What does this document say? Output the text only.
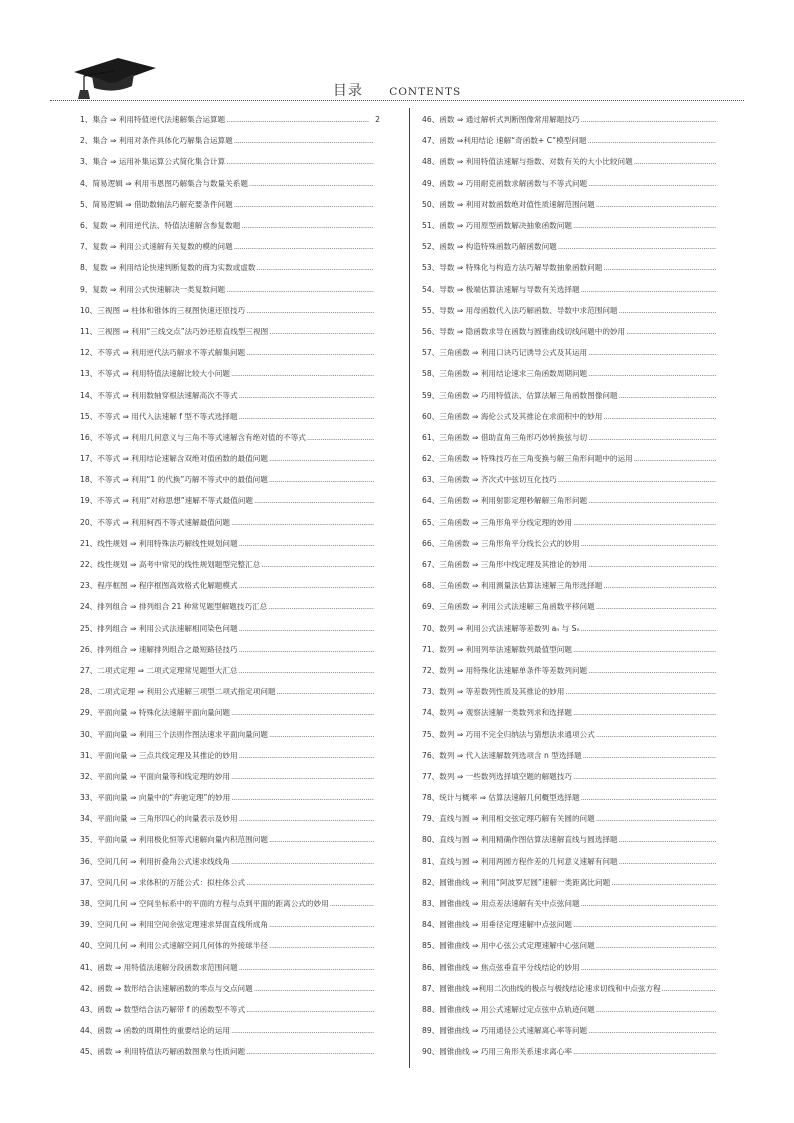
目录	CONTENTS
1、 集合 ⇒ 利用特值逆代法速解集合运算题
.....	2
2、 集合 ⇒ 利用对条件具体化巧解集合运算题
.....
3、 集合 ⇒ 运用补集运算公式简化集合计算
.....
4、 简易逻辑 ⇒ 利用韦恩图巧解集合与数量关系题
.....
5、 简易逻辑 ⇒ 借助数轴法巧解充要条件问题
.....
6、 复数 ⇒ 利用逆代法、特值法速解含参复数题
.....
7、 复数 ⇒ 利用公式速解有关复数的模的问题
.....
8、 复数 ⇒ 利用结论快速判断复数的商为实数或虚数
.....
9、 复数 ⇒ 利用公式快速解决一类复数问题
.....
10、 三视图 ⇒ 柱体和锥体的三视图快速还原技巧
.....
11、 三视图 ⇒ 利用“三线交点”法巧妙还原直线型三视图
.....
12、 不等式 ⇒ 利用逆代法巧解求不等式解集问题
.....
13、 不等式 ⇒ 利用特值法速解比较大小问题
.....
14、 不等式 ⇒ 利用数轴穿根法速解高次不等式
.....
15、 不等式 ⇒ 用代入法速解 f 型不等式选择题
.....
16、 不等式 ⇒ 利用几何意义与三角不等式速解含有绝对值的不等式
.....
17、 不等式 ⇒ 利用结论速解含双绝对值函数的最值问题
.....
18、 不等式 ⇒ 利用“1 的代换”巧解不等式中的最值问题
.....
19、 不等式 ⇒ 利用“对称思想”速解不等式最值问题
.....
20、 不等式 ⇒ 利用柯西不等式速解最值问题
.....
21、 线性规划 ⇒ 利用特殊法巧解线性规划问题
.....
22、 线性规划 ⇒ 高考中常见的线性规划题型完整汇总
.....
23、 程序框图 ⇒ 程序框图高效格式化解题模式
.....
24、 排列组合 ⇒ 排列组合 21 种常见题型解题技巧汇总
.....
25、 排列组合 ⇒ 利用公式法速解相同染色问题
.....
26、 排列组合 ⇒ 速解排列组合之最短路径技巧
.....
27、 二项式定理 ⇒ 二项式定理常见题型大汇总
.....
28、 二项式定理 ⇒ 利用公式速解三项型二项式指定项问题
.....
29、 平面向量 ⇒ 特殊化法速解平面向量问题
.....
30、 平面向量 ⇒ 利用三个法则作图法速求平面向量问题
.....
31、 平面向量 ⇒ 三点共线定理及其推论的妙用
.....
32、 平面向量 ⇒ 平面向量等和线定理的妙用
.....
33、 平面向量 ⇒ 向量中的“奔驰定理”的妙用
.....
34、 平面向量 ⇒ 三角形四心的向量表示及妙用
.....
35、 平面向量 ⇒ 利用极化恒等式速解向量内积范围问题
.....
36、 空间几何 ⇒ 利用折叠角公式速求线线角
.....
37、 空间几何 ⇒ 求体积的万能公式：拟柱体公式
.....
38、 空间几何 ⇒ 空间坐标系中的平面的方程与点到平面的距离公式的妙用
.....
39、 空间几何 ⇒ 利用空间余弦定理速求异面直线所成角
.....
40、 空间几何 ⇒ 利用公式速解空间几何体的外接球半径
.....
41、 函数 ⇒ 用特值法速解分段函数求范围问题
.....
42、 函数 ⇒ 数形结合法速解函数的零点与交点问题
.....
43、 函数 ⇒ 数型结合法巧解带 f 的函数型不等式
.....
44、 函数 ⇒ 函数的周期性的重要结论的运用
.....
45、 函数 ⇒ 利用特值法巧解函数图象与性质问题
.....
46、 函数 ⇒ 通过解析式判断图像常用解题技巧
.....
47、 函数 ⇒利用结论 速解“奇函数+ C”模型问题
.....
48、 函数 ⇒ 利用特值法速解与指数、对数有关的大小比较问题
.....
49、 函数 ⇒ 巧用耐克函数求解函数与不等式问题
.....
50、 函数 ⇒ 利用对数函数绝对值性质速解范围问题
.....
51、 函数 ⇒ 巧用原型函数解决抽象函数问题
.....
52、 函数 ⇒ 构造特殊函数巧解函数问题
.....
53、 导数 ⇒ 特殊化与构造方法巧解导数抽象函数问题
.....
54、 导数 ⇒ 极端估算法速解与导数有关选择题
.....
55、 导数 ⇒ 用母函数代入法巧解函数、导数中求范围问题
.....
56、 导数 ⇒ 隐函数求导在函数与圆锥曲线切线问题中的妙用
.....
57、 三角函数 ⇒ 利用口诀巧记诱导公式及其运用
.....
58、 三角函数 ⇒ 利用结论速求三角函数周期问题
.....
59、 三角函数 ⇒ 巧用特值法、估算法解三角函数图像问题
.....
60、 三角函数 ⇒ 海伦公式及其推论在求面积中的妙用
.....
61、 三角函数 ⇒ 借助直角三角形巧妙转换弦与切
.....
62、 三角函数 ⇒ 特殊技巧在三角变换与解三角形问题中的运用
.....
63、 三角函数 ⇒ 齐次式中弦切互化技巧
.....
64、 三角函数 ⇒ 利用射影定理秒解解三角形问题
.....
65、 三角函数 ⇒ 三角形角平分线定理的妙用
.....
66、 三角函数 ⇒ 三角形角平分线长公式的妙用
.....
67、 三角函数 ⇒ 三角形中线定理及其推论的妙用
.....
68、 三角函数 ⇒ 利用测量法估算法速解三角形选择题
.....
69、 三角函数 ⇒ 利用公式法速解三角函数平移问题
.....
70、 数列 ⇒ 利用公式法速解等差数列 aₙ 与 Sₙ
.....
71、 数列 ⇒ 利用列举法速解数列最值型问题
.....
72、 数列 ⇒ 用特殊化法速解单条件等差数列问题
.....
73、 数列 ⇒ 等差数列性质及其推论的妙用
.....
74、 数列 ⇒ 观察法速解一类数列求和选择题
.....
75、 数列 ⇒ 巧用不完全归纳法与猜想法求通项公式
.....
76、 数列 ⇒ 代入法速解数列选项含 n 型选择题
.....
77、 数列 ⇒ 一些数列选择填空题的解题技巧
.....
78、 统计与概率 ⇒ 估算法速解几何概型选择题
.....
79、 直线与圆 ⇒ 利用相交弦定理巧解有关圆的问题
.....
80、 直线与圆 ⇒ 利用精确作图估算法速解直线与圆选择题
.....
81、 直线与圆 ⇒ 利用两圆方程作差的几何意义速解有问题
.....
82、 圆锥曲线 ⇒ 利用“阿波罗尼圆”速解一类距离比问题
.....
83、 圆锥曲线 ⇒ 用点差法速解有关中点弦问题
.....
84、 圆锥曲线 ⇒ 用垂径定理速解中点弦问题
.....
85、 圆锥曲线 ⇒ 用中心弦公式定理速解中心弦问题
.....
86、 圆锥曲线 ⇒ 焦点弦垂直平分线结论的妙用
.....
87、 圆锥曲线 ⇒利用二次曲线的极点与极线结论速求切线和中点弦方程
.....
88、 圆锥曲线 ⇒ 用公式速解过定点弦中点轨迹问题
.....
89、 圆锥曲线 ⇒ 巧用通径公式速解离心率等问题
.....
90、 圆锥曲线 ⇒ 巧用三角形关系速求离心率
.....
